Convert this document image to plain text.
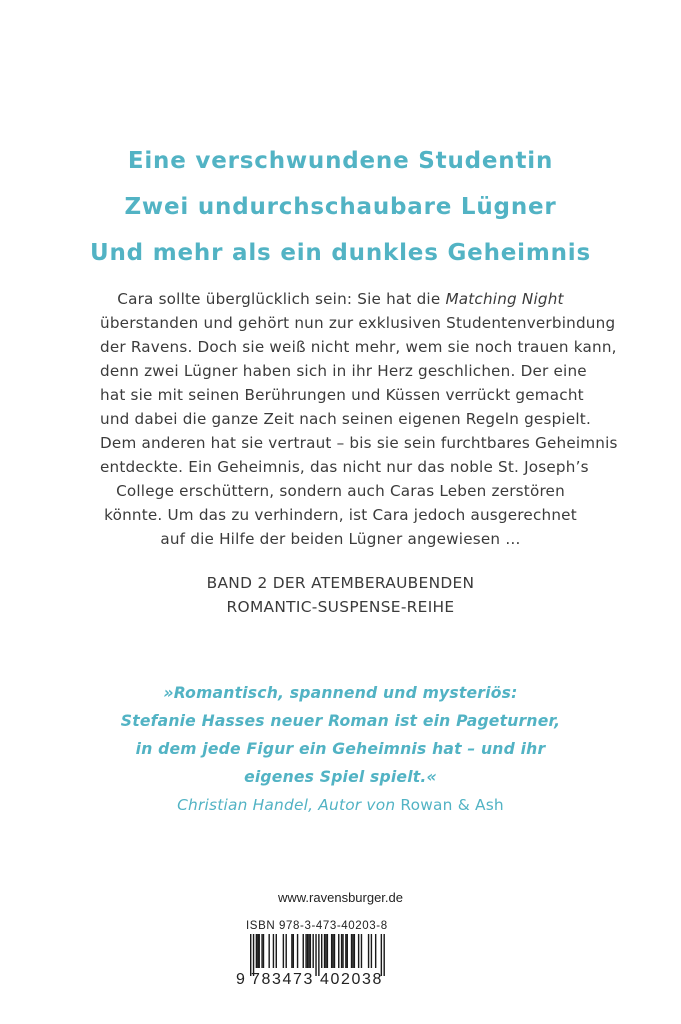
Eine verschwundene Studentin
Zwei undurchschaubare Lügner
Und mehr als ein dunkles Geheimnis
Cara sollte überglücklich sein: Sie hat die Matching Night
überstanden und gehört nun zur exklusiven Studentenverbindung
der Ravens. Doch sie weiß nicht mehr, wem sie noch trauen kann,
denn zwei Lügner haben sich in ihr Herz geschlichen. Der eine
hat sie mit seinen Berührungen und Küssen verrückt gemacht
und dabei die ganze Zeit nach seinen eigenen Regeln gespielt.
Dem anderen hat sie vertraut – bis sie sein furchtbares Geheimnis
entdeckte. Ein Geheimnis, das nicht nur das noble St. Joseph’s
College erschüttern, sondern auch Caras Leben zerstören
könnte. Um das zu verhindern, ist Cara jedoch ausgerechnet
auf die Hilfe der beiden Lügner angewiesen …
BAND 2 DER ATEMBERAUBENDEN
ROMANTIC-SUSPENSE-REIHE
»Romantisch, spannend und mysteriös:
Stefanie Hasses neuer Roman ist ein Pageturner,
in dem jede Figur ein Geheimnis hat – und ihr
eigenes Spiel spielt.«
Christian Handel, Autor von Rowan & Ash
www.ravensburger.de
ISBN 978-3-473-40203-8
9 783473 402038
